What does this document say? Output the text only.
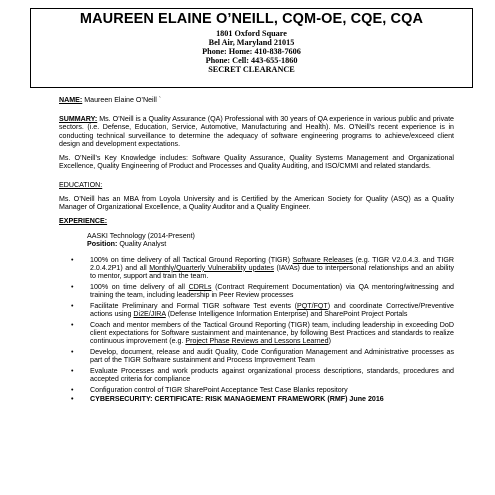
MAUREEN ELAINE O’NEILL, CQM-OE, CQE, CQA
1801 Oxford Square
Bel Air, Maryland 21015
Phone: Home: 410-838-7606
Phone: Cell: 443-655-1860
SECRET CLEARANCE

NAME: Maureen Elaine O’Neill `

SUMMARY: Ms. O’Neill is a Quality Assurance (QA) Professional with 30 years of QA experience in various public and private sectors. (i.e. Defense, Education, Service, Automotive, Manufacturing and Health). Ms. O’Neill’s recent experience is in conducting technical surveillance to determine the adequacy of software engineering programs to achieve/exceed client design and development expectations.

Ms. O’Neill’s Key Knowledge includes: Software Quality Assurance, Quality Systems Management and Organizational Excellence, Quality Engineering of Product and Processes and Quality Auditing, and ISO/CMMI and related standards.

EDUCATION:

Ms. O’Neill has an MBA from Loyola University and is Certified by the American Society for Quality (ASQ) as a Quality Manager of Organizational Excellence, a Quality Auditor and a Quality Engineer.

EXPERIENCE:

AASKI Technology (2014-Present)

Position: Quality Analyst

• 100% on time delivery of all Tactical Ground Reporting (TIGR) Software Releases (e.g. TIGR V2.0.4.3. and TIGR 2.0.4.2P1) and all Monthly/Quarterly Vulnerability updates (IAVAs) due to interpersonal relationships and an ability to mentor, support and train the team.
• 100% on time delivery of all CDRLs (Contract Requirement Documentation) via QA mentoring/witnessing and training the team, including leadership in Peer Review processes
• Facilitate Preliminary and Formal TIGR software Test events (PQT/FQT) and coordinate Corrective/Preventive actions using Di2E/JIRA (Defense Intelligence Information Enterprise) and SharePoint Project Portals
• Coach and mentor members of the Tactical Ground Reporting (TIGR) team, including leadership in exceeding DoD client expectations for Software sustainment and maintenance, by following Best Practices and standards to realize continuous improvement (e.g. Project Phase Reviews and Lessons Learned)
• Develop, document, release and audit Quality, Code Configuration Management and Administrative processes as part of the TIGR Software sustainment and Process Improvement Team
• Evaluate Processes and work products against organizational process descriptions, standards, procedures and accepted criteria for compliance
• Configuration control of TIGR SharePoint Acceptance Test Case Blanks repository
• CYBERSECURITY: CERTIFICATE: RISK MANAGEMENT FRAMEWORK (RMF) June 2016
